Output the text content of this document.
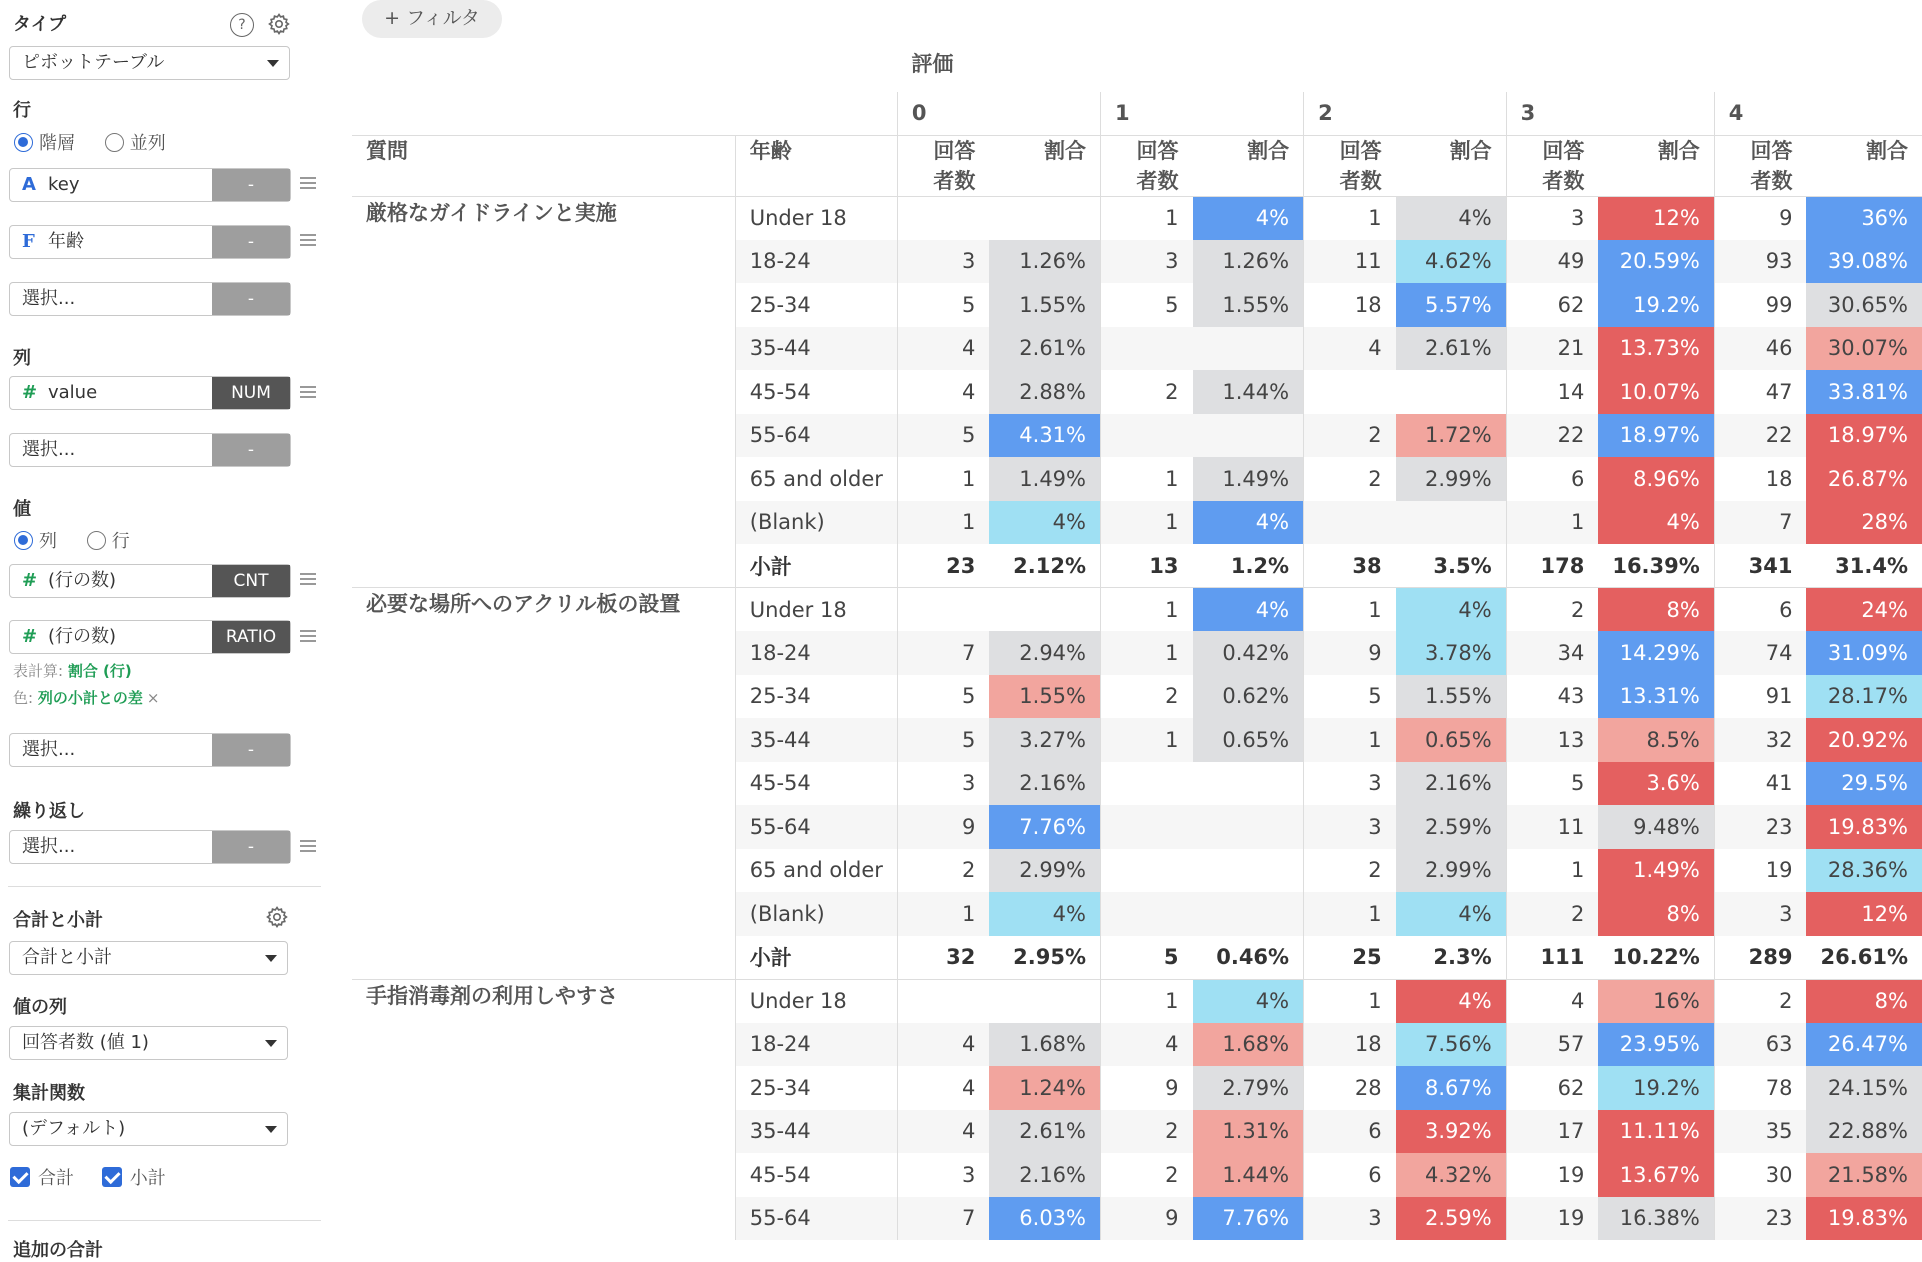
タイプ	?
ピボットテーブル
行
階層	並列
A key	-
F 年齢	-
選択...	-
列
# value	NUM
選択...	-
値
列	行
# (行の数)	CNT
# (行の数)	RATIO
表計算: 割合 (行)
色: 列の小計との差 ×
選択...	-
繰り返し
選択...	-
合計と小計
合計と小計
値の列
回答者数 (値 1)
集計関数
(デフォルト)
合計	小計
追加の合計
+ フィルタ
		評価									
		0		1		2		3		4	
質問	年齢	回答
者数	割合	回答
者数	割合	回答
者数	割合	回答
者数	割合	回答
者数	割合
厳格なガイドラインと実施	Under 18			1	4%	1	4%	3	12%	9	36%
	18-24	3	1.26%	3	1.26%	11	4.62%	49	20.59%	93	39.08%
	25-34	5	1.55%	5	1.55%	18	5.57%	62	19.2%	99	30.65%
	35-44	4	2.61%			4	2.61%	21	13.73%	46	30.07%
	45-54	4	2.88%	2	1.44%			14	10.07%	47	33.81%
	55-64	5	4.31%			2	1.72%	22	18.97%	22	18.97%
	65 and older	1	1.49%	1	1.49%	2	2.99%	6	8.96%	18	26.87%
	(Blank)	1	4%	1	4%			1	4%	7	28%
	小計	23	2.12%	13	1.2%	38	3.5%	178	16.39%	341	31.4%
必要な場所へのアクリル板の設置	Under 18			1	4%	1	4%	2	8%	6	24%
	18-24	7	2.94%	1	0.42%	9	3.78%	34	14.29%	74	31.09%
	25-34	5	1.55%	2	0.62%	5	1.55%	43	13.31%	91	28.17%
	35-44	5	3.27%	1	0.65%	1	0.65%	13	8.5%	32	20.92%
	45-54	3	2.16%			3	2.16%	5	3.6%	41	29.5%
	55-64	9	7.76%			3	2.59%	11	9.48%	23	19.83%
	65 and older	2	2.99%			2	2.99%	1	1.49%	19	28.36%
	(Blank)	1	4%			1	4%	2	8%	3	12%
	小計	32	2.95%	5	0.46%	25	2.3%	111	10.22%	289	26.61%
手指消毒剤の利用しやすさ	Under 18			1	4%	1	4%	4	16%	2	8%
	18-24	4	1.68%	4	1.68%	18	7.56%	57	23.95%	63	26.47%
	25-34	4	1.24%	9	2.79%	28	8.67%	62	19.2%	78	24.15%
	35-44	4	2.61%	2	1.31%	6	3.92%	17	11.11%	35	22.88%
	45-54	3	2.16%	2	1.44%	6	4.32%	19	13.67%	30	21.58%
	55-64	7	6.03%	9	7.76%	3	2.59%	19	16.38%	23	19.83%
